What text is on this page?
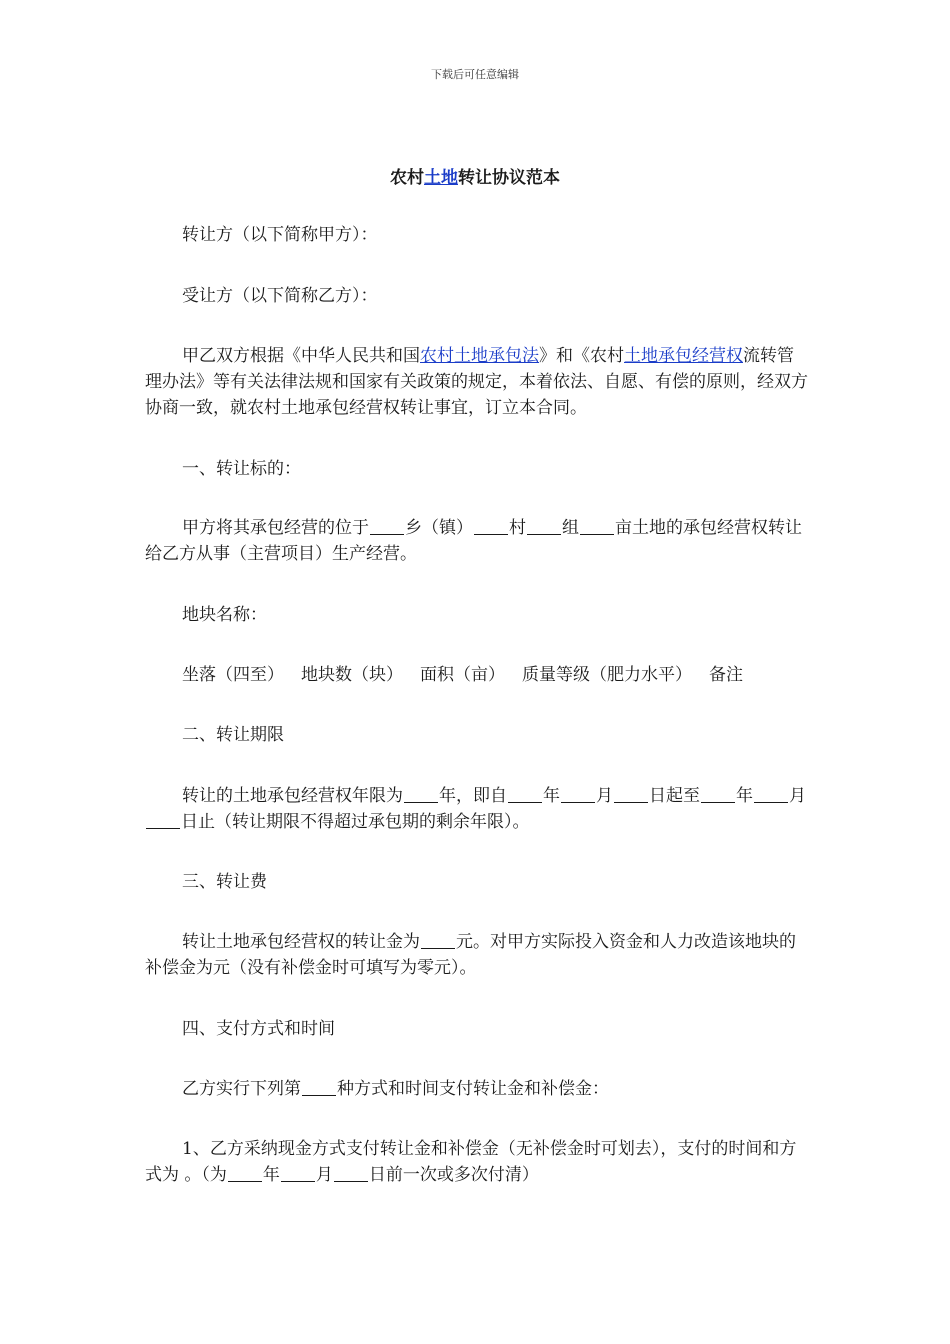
下载后可任意编辑
农村土地转让协议范本
转让方（以下简称甲方）：
受让方（以下简称乙方）：
甲乙双方根据《中华人民共和国农村土地承包法》和《农村土地承包经营权流转管理办法》等有关法律法规和国家有关政策的规定，本着依法、自愿、有偿的原则，经双方协商一致，就农村土地承包经营权转让事宜，订立本合同。
一、转让标的：
甲方将其承包经营的位于 乡（镇） 村 组 亩土地的承包经营权转让给乙方从事（主营项目）生产经营。
地块名称：
坐落（四至） 地块数（块） 面积（亩） 质量等级（肥力水平） 备注
二、转让期限
转让的土地承包经营权年限为 年，即自 年 月 日起至 年 月日止（转让期限不得超过承包期的剩余年限）。
三、转让费
转让土地承包经营权的转让金为 元。对甲方实际投入资金和人力改造该地块的补偿金为元（没有补偿金时可填写为零元）。
四、支付方式和时间
乙方实行下列第 种方式和时间支付转让金和补偿金：
1、乙方采纳现金方式支付转让金和补偿金（无补偿金时可划去），支付的时间和方式为 。（为 年 月 日前一次或多次付清）
